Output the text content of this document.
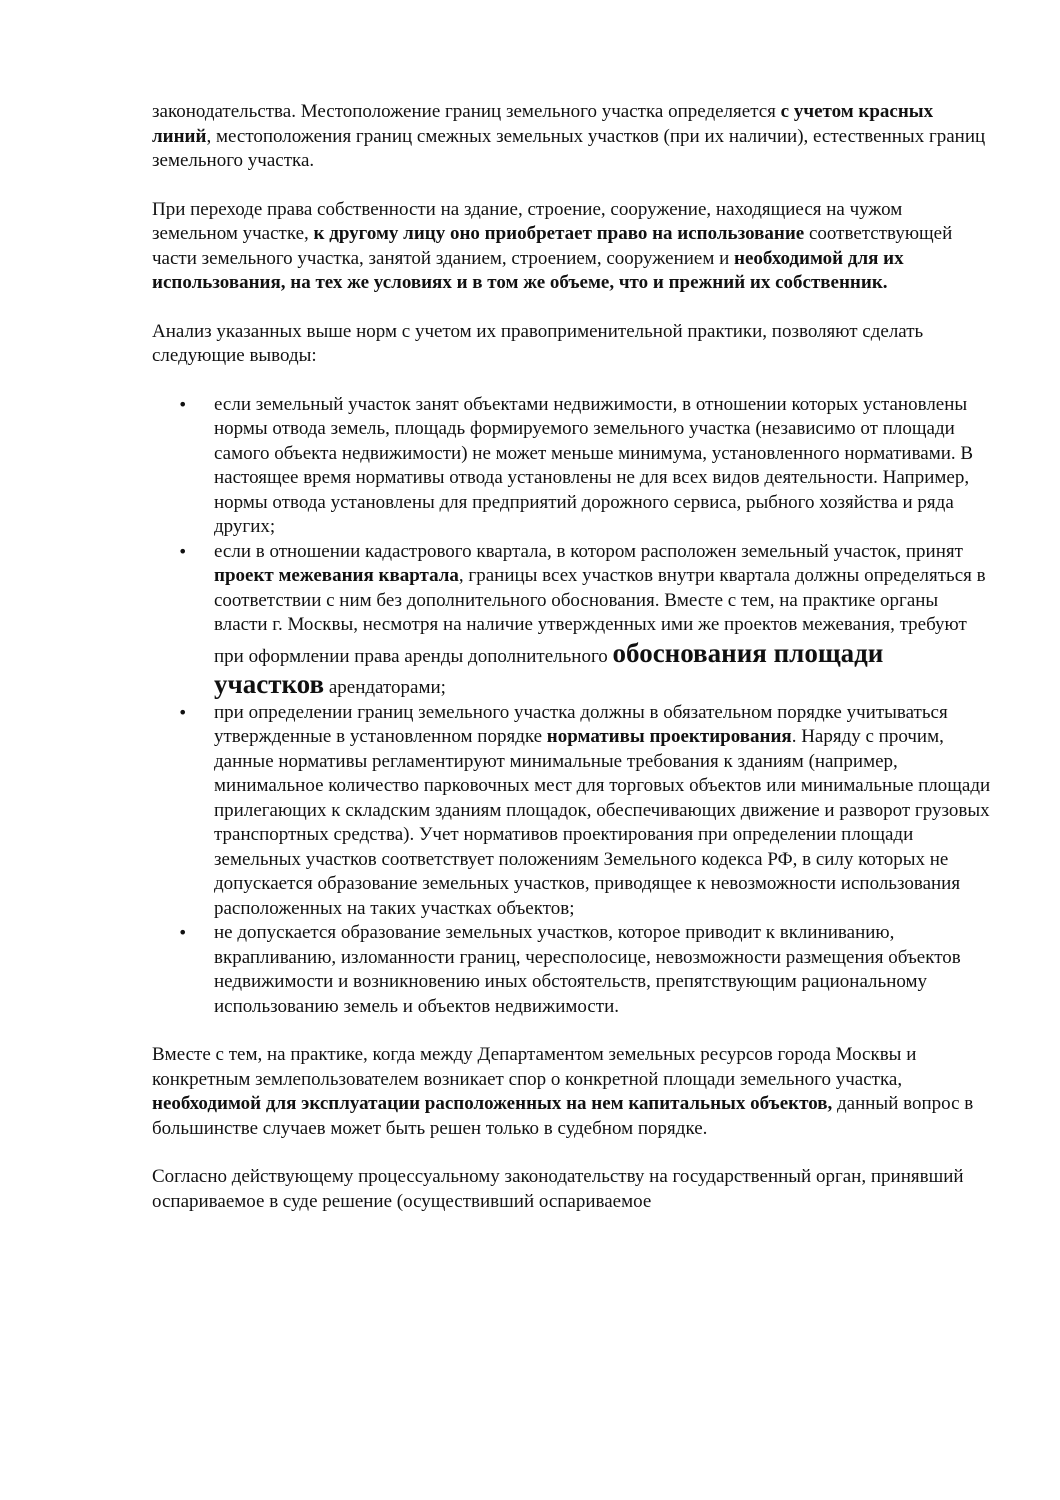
законодательства. Местоположение границ земельного участка определяется с учетом красных линий, местоположения границ смежных земельных участков (при их наличии), естественных границ земельного участка.

При переходе права собственности на здание, строение, сооружение, находящиеся на чужом земельном участке, к другому лицу оно приобретает право на использование соответствующей части земельного участка, занятой зданием, строением, сооружением и необходимой для их использования, на тех же условиях и в том же объеме, что и прежний их собственник.

Анализ указанных выше норм с учетом их правоприменительной практики, позволяют сделать следующие выводы:

• если земельный участок занят объектами недвижимости, в отношении которых установлены нормы отвода земель, площадь формируемого земельного участка (независимо от площади самого объекта недвижимости) не может меньше минимума, установленного нормативами. В настоящее время нормативы отвода установлены не для всех видов деятельности. Например, нормы отвода установлены для предприятий дорожного сервиса, рыбного хозяйства и ряда других;
• если в отношении кадастрового квартала, в котором расположен земельный участок, принят проект межевания квартала, границы всех участков внутри квартала должны определяться в соответствии с ним без дополнительного обоснования. Вместе с тем, на практике органы власти г. Москвы, несмотря на наличие утвержденных ими же проектов межевания, требуют при оформлении права аренды дополнительного обоснования площади участков арендаторами;
• при определении границ земельного участка должны в обязательном порядке учитываться утвержденные в установленном порядке нормативы проектирования. Наряду с прочим, данные нормативы регламентируют минимальные требования к зданиям (например, минимальное количество парковочных мест для торговых объектов или минимальные площади прилегающих к складским зданиям площадок, обеспечивающих движение и разворот грузовых транспортных средства). Учет нормативов проектирования при определении площади земельных участков соответствует положениям Земельного кодекса РФ, в силу которых не допускается образование земельных участков, приводящее к невозможности использования расположенных на таких участках объектов;
• не допускается образование земельных участков, которое приводит к вклиниванию, вкрапливанию, изломанности границ, чересполосице, невозможности размещения объектов недвижимости и возникновению иных обстоятельств, препятствующим рациональному использованию земель и объектов недвижимости.

Вместе с тем, на практике, когда между Департаментом земельных ресурсов города Москвы и конкретным землепользователем возникает спор о конкретной площади земельного участка, необходимой для эксплуатации расположенных на нем капитальных объектов, данный вопрос в большинстве случаев может быть решен только в судебном порядке.

Согласно действующему процессуальному законодательству на государственный орган, принявший оспариваемое в суде решение (осуществивший оспариваемое
